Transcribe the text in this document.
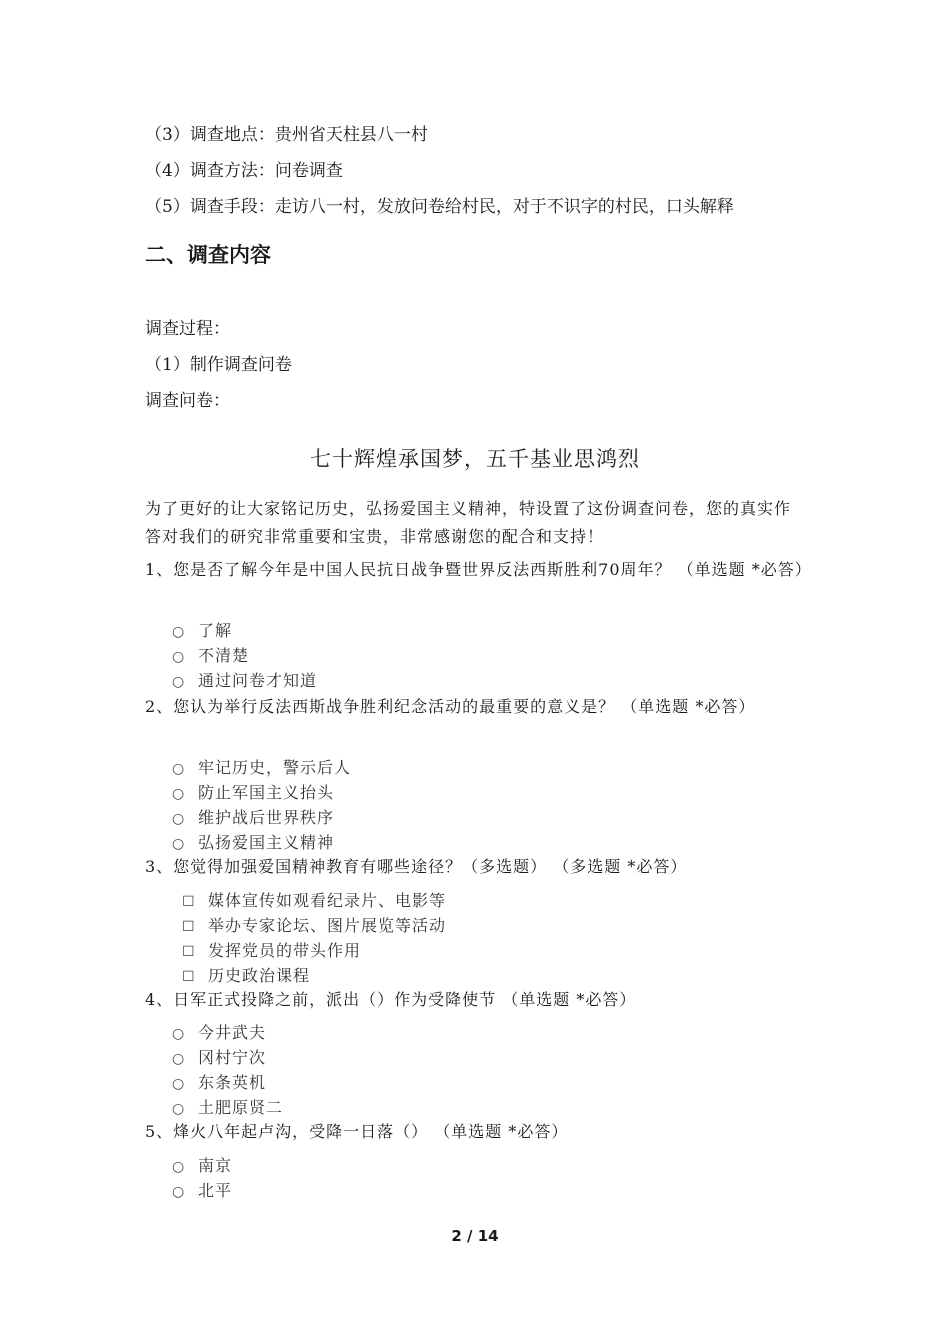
（3）调查地点：贵州省天柱县八一村
（4）调查方法：问卷调查
（5）调查手段：走访八一村，发放问卷给村民，对于不识字的村民，口头解释
二、调查内容
调查过程：
（1）制作调查问卷
调查问卷：
七十辉煌承国梦，五千基业思鸿烈
为了更好的让大家铭记历史，弘扬爱国主义精神，特设置了这份调查问卷，您的真实作答对我们的研究非常重要和宝贵，非常感谢您的配合和支持！
1、您是否了解今年是中国人民抗日战争暨世界反法西斯胜利70周年？ （单选题 *必答）
○ 了解
○ 不清楚
○ 通过问卷才知道
2、您认为举行反法西斯战争胜利纪念活动的最重要的意义是？ （单选题 *必答）
○ 牢记历史，警示后人
○ 防止军国主义抬头
○ 维护战后世界秩序
○ 弘扬爱国主义精神
3、您觉得加强爱国精神教育有哪些途径？（多选题） （多选题 *必答）
☐ 媒体宣传如观看纪录片、电影等
☐ 举办专家论坛、图片展览等活动
☐ 发挥党员的带头作用
☐ 历史政治课程
4、日军正式投降之前，派出（）作为受降使节 （单选题 *必答）
○ 今井武夫
○ 冈村宁次
○ 东条英机
○ 土肥原贤二
5、烽火八年起卢沟，受降一日落（） （单选题 *必答）
○ 南京
○ 北平
2 / 14
